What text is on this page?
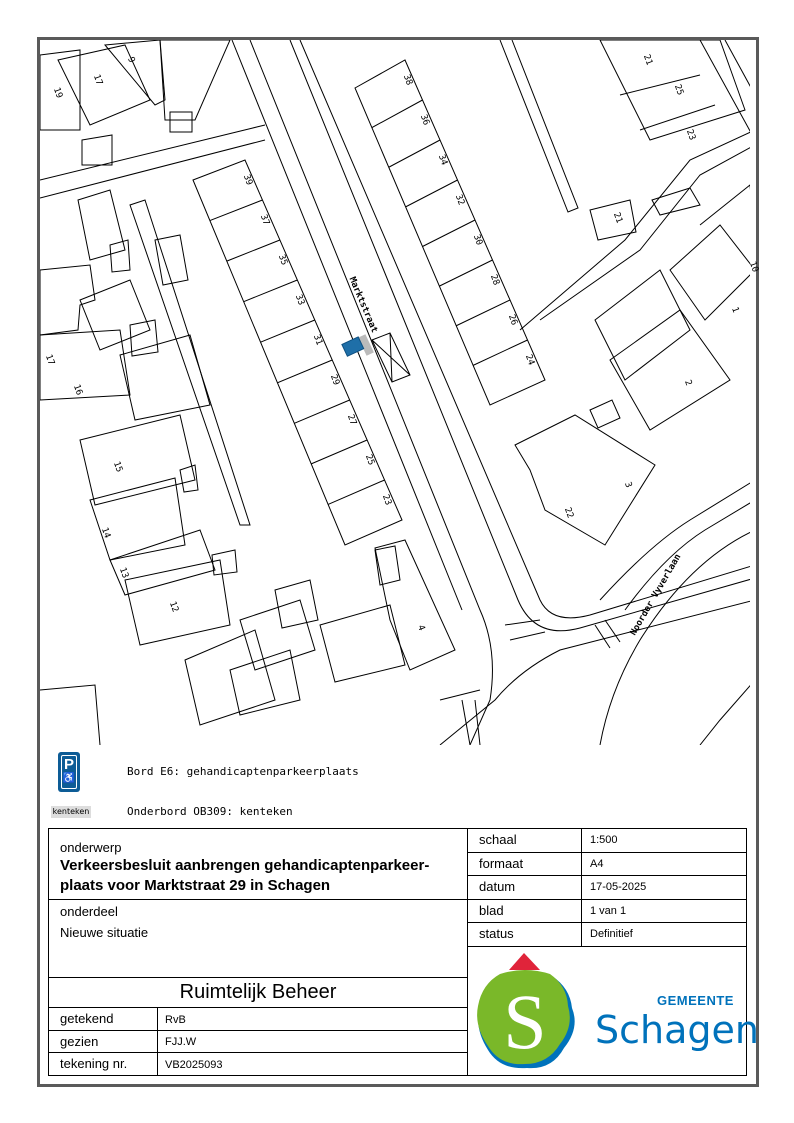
39
37
35
33
31
29
27
25
23
38
36
34
32
30
28
26
24
19
17
9
17
16
15
14
13
12
4
21
25
23
21
1
2
3
22
10
Marktstraat
Noorder Vyverlaan
P
♿
Bord E6: gehandicaptenparkeerplaats
kenteken	Onderbord OB309: kenteken
onderwerp
Verkeersbesluit aanbrengen gehandicaptenparkeer-
plaats voor Marktstraat 29 in Schagen
onderdeel
Nieuwe situatie
Ruimtelijk Beheer
getekend	RvB
gezien	FJJ.W
tekening nr.	VB2025093
schaal	1:500
formaat	A4
datum	17-05-2025
blad	1 van 1
status	Definitief
S	GEMEENTE
Schagen
